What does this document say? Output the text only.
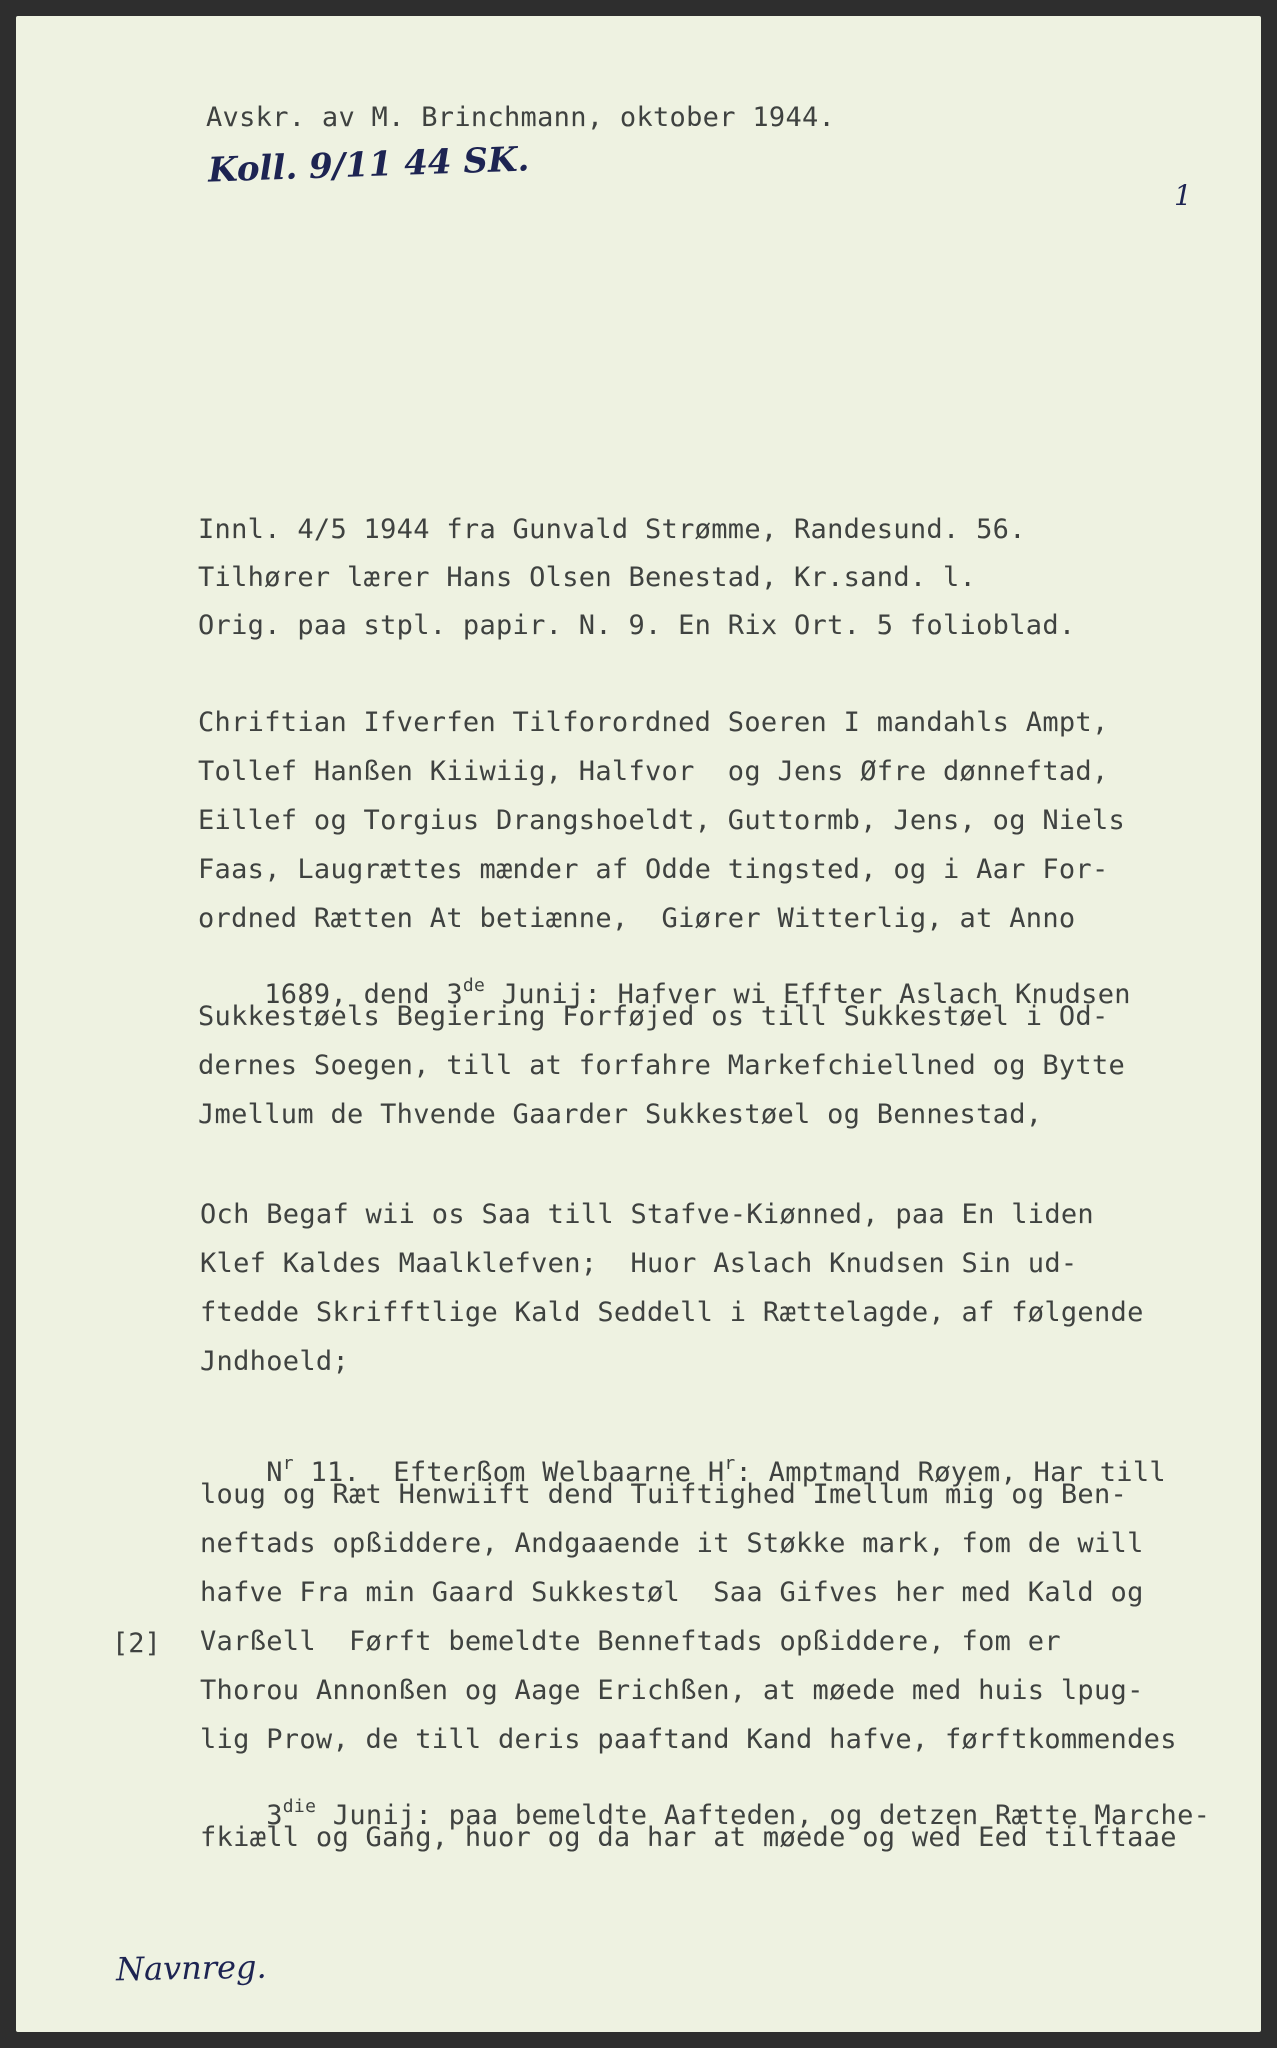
Avskr. av M. Brinchmann, oktober 1944.
Koll. 9/11 44 SK.
1
Innl. 4/5 1944 fra Gunvald Strømme, Randesund. 56.
Tilhører lærer Hans Olsen Benestad, Kr.sand. l.
Orig. paa stpl. papir. N. 9. En Rix Ort. 5 folioblad.
Chriftian Ifverfen Tilforordned Soeren I mandahls Ampt,
Tollef Hanßen Kiiwiig, Halfvor  og Jens Øfre dønneftad,
Eillef og Torgius Drangshoeldt, Guttormb, Jens, og Niels
Faas, Laugrættes mænder af Odde tingsted, og i Aar For-
ordned Rætten At betiænne,  Giører Witterlig, at Anno

1689, dend 3de Junij: Hafver wi Effter Aslach Knudsen

Sukkestøels Begiering Forføjed os till Sukkestøel i Od-
dernes Soegen, till at forfahre Markefchiellned og Bytte
Jmellum de Thvende Gaarder Sukkestøel og Bennestad,
Och Begaf wii os Saa till Stafve-Kiønned, paa En liden
Klef Kaldes Maalklefven;  Huor Aslach Knudsen Sin ud-
ftedde Skrifftlige Kald Seddell i Rættelagde, af følgende
Jndhoeld;

$N^r$ 11.  Efterßom Welbaarne $H^r$: Amptmand Røyem, Har till

loug og Ræt Henwiift dend Tuiftighed Imellum mig og Ben-
neftads opßiddere, Andgaaende it Støkke mark, fom de will
hafve Fra min Gaard Sukkestøl  Saa Gifves her med Kald og
[2] Varßell  Førft bemeldte Benneftads opßiddere, fom er
Thorou Annonßen og Aage Erichßen, at møede med huis lpug-
lig Prow, de till deris paaftand Kand hafve, førftkommendes

$3^{die}$ Junij: paa bemeldte Aafteden, og detzen Rætte Marche-

fkiæll og Gang, huor og da har at møede og wed Eed tilftaae
Navnreg.
